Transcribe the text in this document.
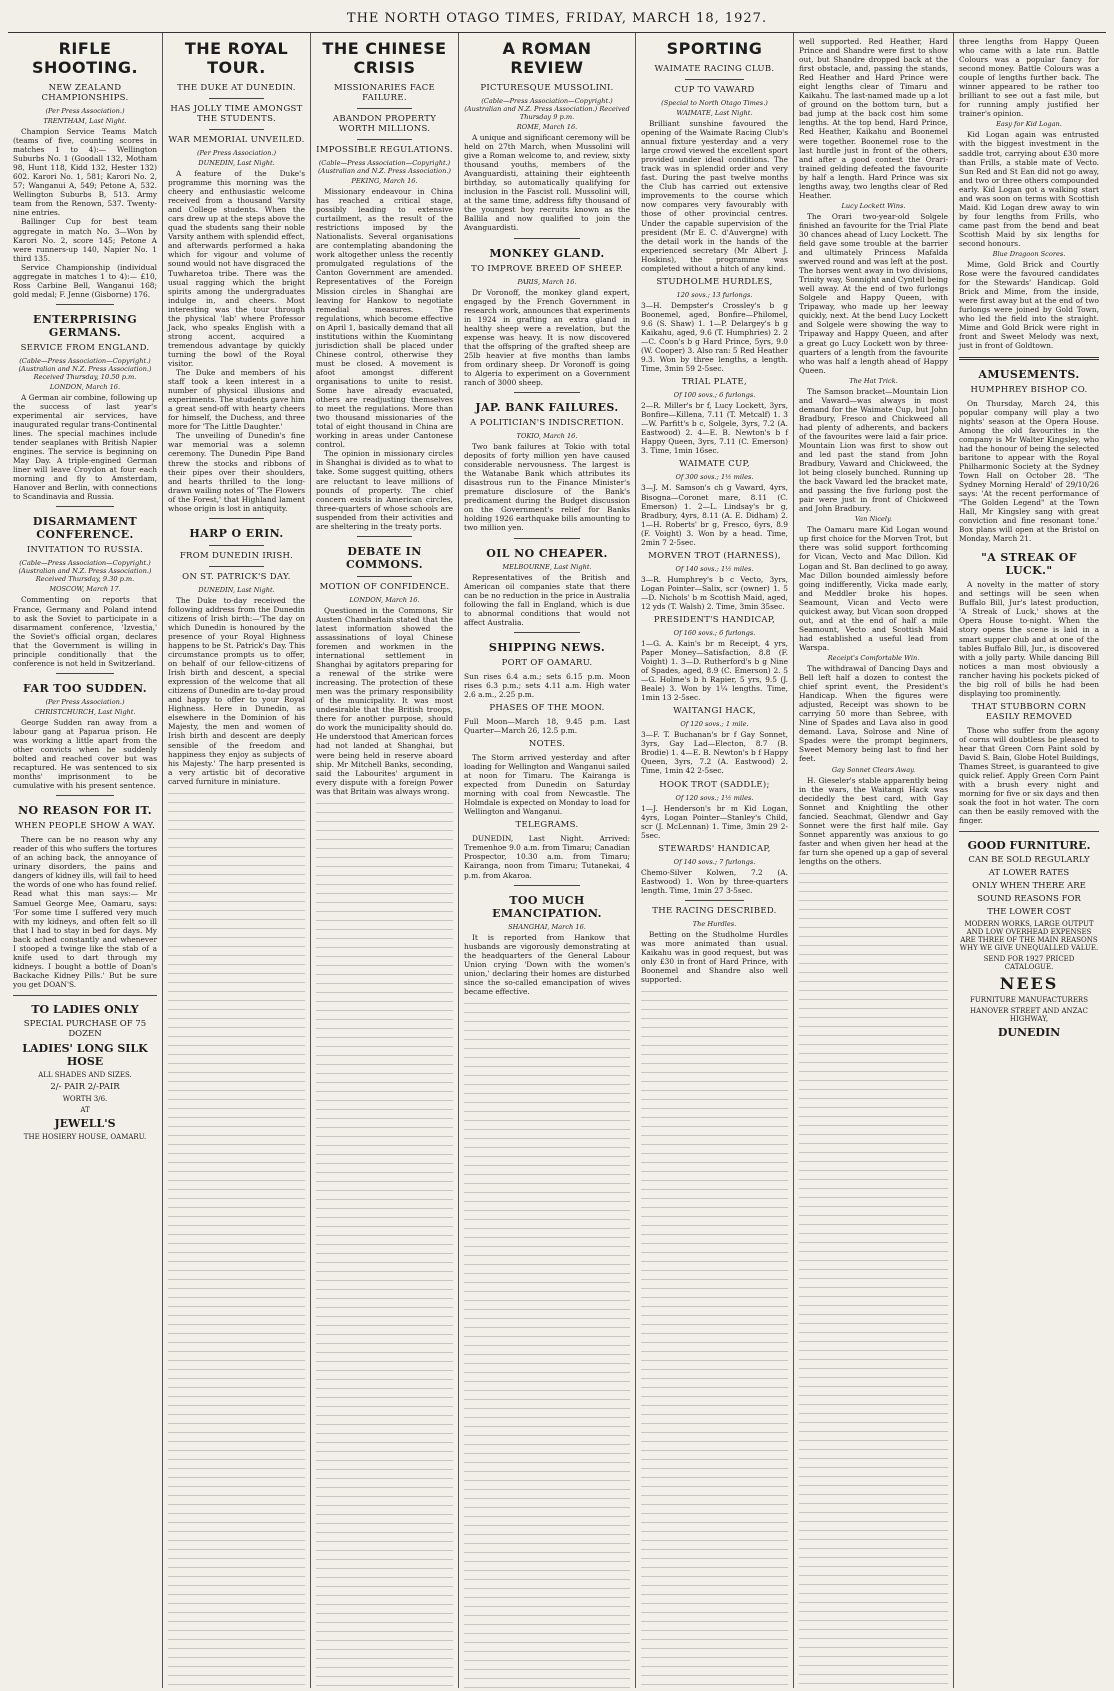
THE NORTH OTAGO TIMES, FRIDAY, MARCH 18, 1927.
RIFLE SHOOTING.
NEW ZEALAND CHAMPIONSHIPS.
(Per Press Association.)
TRENTHAM, Last Night.

Champion Service Teams Match (teams of five, counting scores in matches 1 to 4):— Wellington Suburbs No. 1 (Goodall 132, Motham 98, Hunt 118, Kidd 132, Hester 132) 602. Karori No. 1, 581; Karori No. 2, 57; Wanganui A, 549; Petone A, 532. Wellington Suburbs B, 513. Army team from the Renown, 537. Twenty-nine entries.

Ballinger Cup for best team aggregate in match No. 3—Won by Karori No. 2, score 145; Petone A were runners-up 140, Napier No. 1 third 135.

Service Championship (individual aggregate in matches 1 to 4):— £10, Ross Carbine Bell, Wanganui 168; gold medal; F. Jenne (Gisborne) 176.

ENTERPRISING GERMANS.
SERVICE FROM ENGLAND.
(Cable—Press Association—Copyright.) (Australian and N.Z. Press Association.) Received Thursday, 10.50 p.m.
LONDON, March 16.

A German air combine, following up the success of last year's experimental air services, have inaugurated regular trans-Continental lines. The special machines include tender seaplanes with British Napier engines. The service is beginning on May Day. A triple-engined German liner will leave Croydon at four each morning and fly to Amsterdam, Hanover and Berlin, with connections to Scandinavia and Russia.

DISARMAMENT CONFERENCE.
INVITATION TO RUSSIA.
(Cable—Press Association—Copyright.) (Australian and N.Z. Press Association.) Received Thursday, 9.30 p.m.
MOSCOW, March 17.

Commenting on reports that France, Germany and Poland intend to ask the Soviet to participate in a disarmament conference, 'Izvestia,' the Soviet's official organ, declares that the Government is willing in principle conditionally that the conference is not held in Switzerland.

FAR TOO SUDDEN.
(Per Press Association.)
CHRISTCHURCH, Last Night.

George Sudden ran away from a labour gang at Paparua prison. He was working a little apart from the other convicts when he suddenly bolted and reached cover but was recaptured. He was sentenced to six months' imprisonment to be cumulative with his present sentence.

NO REASON FOR IT.
WHEN PEOPLE SHOW A WAY.

There can be no reason why any reader of this who suffers the tortures of an aching back, the annoyance of urinary disorders, the pains and dangers of kidney ills, will fail to heed the words of one who has found relief. Read what this man says:— Mr Samuel George Mee, Oamaru, says: 'For some time I suffered very much with my kidneys, and often felt so ill that I had to stay in bed for days. My back ached constantly and whenever I stooped a twinge like the stab of a knife used to dart through my kidneys. I bought a bottle of Doan's Backache Kidney Pills.' But be sure you get DOAN'S.

TO LADIES ONLY

SPECIAL PURCHASE OF 75 DOZEN

LADIES' LONG SILK HOSE

ALL SHADES AND SIZES.

2/- PAIR 2/-PAIR

WORTH 3/6.

AT

JEWELL'S

THE HOSIERY HOUSE, OAMARU.

THE ROYAL TOUR.
THE DUKE AT DUNEDIN.
HAS JOLLY TIME AMONGST THE STUDENTS.
WAR MEMORIAL UNVEILED.
(Per Press Association.)
DUNEDIN, Last Night.

A feature of the Duke's programme this morning was the cheery and enthusiastic welcome received from a thousand 'Varsity and College students. When the cars drew up at the steps above the quad the students sang their noble Varsity anthem with splendid effect, and afterwards performed a haka which for vigour and volume of sound would not have disgraced the Tuwharetoa tribe. There was the usual ragging which the bright spirits among the undergraduates indulge in, and cheers. Most interesting was the tour through the physical 'lab' where Professor Jack, who speaks English with a strong accent, acquired a tremendous advantage by quickly turning the bowl of the Royal visitor.

The Duke and members of his staff took a keen interest in a number of physical illusions and experiments. The students gave him a great send-off with hearty cheers for himself, the Duchess, and three more for 'The Little Daughter.'

The unveiling of Dunedin's fine war memorial was a solemn ceremony. The Dunedin Pipe Band threw the stocks and ribbons of their pipes over their shoulders, and hearts thrilled to the long-drawn wailing notes of 'The Flowers of the Forest,' that Highland lament whose origin is lost in antiquity.

HARP O ERIN.
FROM DUNEDIN IRISH.
ON ST. PATRICK'S DAY.
DUNEDIN, Last Night.

The Duke to-day received the following address from the Dunedin citizens of Irish birth:—'The day on which Dunedin is honoured by the presence of your Royal Highness happens to be St. Patrick's Day. This circumstance prompts us to offer, on behalf of our fellow-citizens of Irish birth and descent, a special expression of the welcome that all citizens of Dunedin are to-day proud and happy to offer to your Royal Highness. Here in Dunedin, as elsewhere in the Dominion of his Majesty, the men and women of Irish birth and descent are deeply sensible of the freedom and happiness they enjoy as subjects of his Majesty.' The harp presented is a very artistic bit of decorative carved furniture in miniature.

THE CHINESE CRISIS
MISSIONARIES FACE FAILURE.
ABANDON PROPERTY WORTH MILLIONS.
IMPOSSIBLE REGULATIONS.
(Cable—Press Association—Copyright.) (Australian and N.Z. Press Association.)
PEKING, March 16.

Missionary endeavour in China has reached a critical stage, possibly leading to extensive curtailment, as the result of the restrictions imposed by the Nationalists. Several organisations are contemplating abandoning the work altogether unless the recently promulgated regulations of the Canton Government are amended. Representatives of the Foreign Mission circles in Shanghai are leaving for Hankow to negotiate remedial measures. The regulations, which become effective on April 1, basically demand that all institutions within the Kuomintang jurisdiction shall be placed under Chinese control, otherwise they must be closed. A movement is afoot amongst different organisations to unite to resist. Some have already evacuated, others are readjusting themselves to meet the regulations. More than two thousand missionaries of the total of eight thousand in China are working in areas under Cantonese control.

The opinion in missionary circles in Shanghai is divided as to what to take. Some suggest quitting, others are reluctant to leave millions of pounds of property. The chief concern exists in American circles, three-quarters of whose schools are suspended from their activities and are sheltering in the treaty ports.

DEBATE IN COMMONS.
MOTION OF CONFIDENCE.
LONDON, March 16.

Questioned in the Commons, Sir Austen Chamberlain stated that the latest information showed the assassinations of loyal Chinese foremen and workmen in the international settlement in Shanghai by agitators preparing for a renewal of the strike were increasing. The protection of these men was the primary responsibility of the municipality. It was most undesirable that the British troops, there for another purpose, should do work the municipality should do. He understood that American forces had not landed at Shanghai, but were being held in reserve aboard ship. Mr Mitchell Banks, seconding, said the Labourites' argument in every dispute with a foreign Power was that Britain was always wrong.

A ROMAN REVIEW
PICTURESQUE MUSSOLINI.
(Cable—Press Association—Copyright.) (Australian and N.Z. Press Association.) Received Thursday 9 p.m.
ROME, March 16.

A unique and significant ceremony will be held on 27th March, when Mussolini will give a Roman welcome to, and review, sixty thousand youths, members of the Avanguardisti, attaining their eighteenth birthday, so automatically qualifying for inclusion in the Fascist roll. Mussolini will, at the same time, address fifty thousand of the youngest boy recruits known as the Ballila and now qualified to join the Avanguardisti.

MONKEY GLAND.
TO IMPROVE BREED OF SHEEP.
PARIS, March 16.

Dr Voronoff, the monkey gland expert, engaged by the French Government in research work, announces that experiments in 1924 in grafting an extra gland in healthy sheep were a revelation, but the expense was heavy. It is now discovered that the offspring of the grafted sheep are 25lb heavier at five months than lambs from ordinary sheep. Dr Voronoff is going to Algeria to experiment on a Government ranch of 3000 sheep.

JAP. BANK FAILURES.
A POLITICIAN'S INDISCRETION.
TOKIO, March 16.

Two bank failures at Tokio with total deposits of forty million yen have caused considerable nervousness. The largest is the Watanabe Bank which attributes its disastrous run to the Finance Minister's premature disclosure of the Bank's predicament during the Budget discussion on the Government's relief for Banks holding 1926 earthquake bills amounting to two million yen.

OIL NO CHEAPER.
MELBOURNE, Last Night.

Representatives of the British and American oil companies state that there can be no reduction in the price in Australia following the fall in England, which is due to abnormal conditions that would not affect Australia.

SHIPPING NEWS.
PORT OF OAMARU.

Sun rises 6.4 a.m.; sets 6.15 p.m. Moon rises 6.3 p.m.; sets 4.11 a.m. High water 2.6 a.m., 2.25 p.m.

PHASES OF THE MOON.

Full Moon—March 18, 9.45 p.m. Last Quarter—March 26, 12.5 p.m.

NOTES.

The Storm arrived yesterday and after loading for Wellington and Wanganui sailed at noon for Timaru. The Kairanga is expected from Dunedin on Saturday morning with coal from Newcastle. The Holmdale is expected on Monday to load for Wellington and Wanganui.

TELEGRAMS.

DUNEDIN, Last Night. Arrived: Tremenhoe 9.0 a.m. from Timaru; Canadian Prospector, 10.30 a.m. from Timaru; Kairanga, noon from Timaru; Tutanekai, 4 p.m. from Akaroa.

TOO MUCH EMANCIPATION.
SHANGHAI, March 16.

It is reported from Hankow that husbands are vigorously demonstrating at the headquarters of the General Labour Union crying 'Down with the women's union,' declaring their homes are disturbed since the so-called emancipation of wives became effective.

SPORTING
WAIMATE RACING CLUB.
CUP TO VAWARD
(Special to North Otago Times.)
WAIMATE, Last Night.

Brilliant sunshine favoured the opening of the Waimate Racing Club's annual fixture yesterday and a very large crowd viewed the excellent sport provided under ideal conditions. The track was in splendid order and very fast. During the past twelve months the Club has carried out extensive improvements to the course which now compares very favourably with those of other provincial centres. Under the capable supervision of the president (Mr E. C. d'Auvergne) with the detail work in the hands of the experienced secretary (Mr Albert J. Hoskins), the programme was completed without a hitch of any kind.

STUDHOLME HURDLES,
120 sovs.; 13 furlongs.

3—H. Dempster's Crossley's b g Boonemel, aged, Bonfire—Philomel, 9.6 (S. Shaw) 1. 1—P. Delargey's b g Kaikahu, aged, 9.6 (T. Humphries) 2. 2—C. Coon's b g Hard Prince, 5yrs, 9.0 (W. Cooper) 3. Also ran: 5 Red Heather 9.3. Won by three lengths, a length. Time, 3min 59 2-5sec.

TRIAL PLATE,
Of 100 sovs.; 6 furlongs.

2—R. Miller's br f, Lucy Lockett, 3yrs, Bonfire—Killena, 7.11 (T. Metcalf) 1. 3—W. Parfitt's b c, Solgele, 3yrs, 7.2 (A. Eastwood) 2. 4—E. B. Newton's b f Happy Queen, 3yrs, 7.11 (C. Emerson) 3. Time, 1min 16sec.

WAIMATE CUP,
Of 300 sovs.; 1½ miles.

3—J. M. Samson's ch g Vaward, 4yrs, Bisogna—Coronet mare, 8.11 (C. Emerson) 1. 2—L. Lindsay's br g, Bradbury, 4yrs, 8.11 (A. E. Didham) 2. 1—H. Roberts' br g, Fresco, 6yrs, 8.9 (F. Voight) 3. Won by a head. Time, 2min 7 2-5sec.

MORVEN TROT (HARNESS),
Of 140 sovs.; 1½ miles.

3—R. Humphrey's b c Vecto, 3yrs, Logan Pointer—Salix, scr (owner) 1. 5—D. Nichols' b m Scottish Maid, aged, 12 yds (T. Walsh) 2. Time, 3min 35sec.

PRESIDENT'S HANDICAP,
Of 160 sovs.; 6 furlongs.

1—G. A. Kain's br m Receipt, 4 yrs, Paper Money—Satisfaction, 8.8 (F. Voight) 1. 3—D. Rutherford's b g Nine of Spades, aged, 8.9 (C. Emerson) 2. 5—G. Holme's b h Rapier, 5 yrs, 9.5 (J. Beale) 3. Won by 1¼ lengths. Time, 1min 13 2-5sec.

WAITANGI HACK,
Of 120 sovs.; 1 mile.

3—F. T. Buchanan's br f Gay Sonnet, 3yrs, Gay Lad—Electon, 8.7 (B. Brodie) 1. 4—E. B. Newton's b f Happy Queen, 3yrs, 7.2 (A. Eastwood) 2. Time, 1min 42 2-5sec.

HOOK TROT (SADDLE);
Of 120 sovs.; 1½ miles.

1—J. Henderson's br m Kid Logan, 4yrs, Logan Pointer—Stanley's Child, scr (J. McLennan) 1. Time, 3min 29 2-5sec.

STEWARDS' HANDICAP,
Of 140 sovs.; 7 furlongs.

Chemo-Silver Kolwen, 7.2 (A. Eastwood) 1. Won by three-quarters length. Time, 1min 27 3-5sec.

THE RACING DESCRIBED.
The Hurdles.

Betting on the Studholme Hurdles was more animated than usual. Kaikahu was in good request, but was only £30 in front of Hard Prince, with Boonemel and Shandre also well supported.

well supported. Red Heather, Hard Prince and Shandre were first to show out, but Shandre dropped back at the first obstacle, and, passing the stands, Red Heather and Hard Prince were eight lengths clear of Timaru and Kaikahu. The last-named made up a lot of ground on the bottom turn, but a bad jump at the back cost him some lengths. At the top bend, Hard Prince, Red Heather, Kaikahu and Boonemel were together. Boonemel rose to the last hurdle just in front of the others, and after a good contest the Orari-trained gelding defeated the favourite by half a length. Hard Prince was six lengths away, two lengths clear of Red Heather.

Lucy Lockett Wins.

The Orari two-year-old Solgele finished an favourite for the Trial Plate 30 chances ahead of Lucy Lockett. The field gave some trouble at the barrier and ultimately Princess Mafalda swerved round and was left at the post. The horses went away in two divisions, Trinity way, Sonnight and Cyntell being well away. At the end of two furlongs Solgele and Happy Queen, with Tripaway, who made up her leeway quickly, next. At the bend Lucy Lockett and Solgele were showing the way to Tripaway and Happy Queen, and after a great go Lucy Lockett won by three-quarters of a length from the favourite who was half a length ahead of Happy Queen.

The Hat Trick.

The Samson bracket—Mountain Lion and Vaward—was always in most demand for the Waimate Cup, but John Bradbury, Fresco and Chickweed all had plenty of adherents, and backers of the favourites were laid a fair price. Mountain Lion was first to show out and led past the stand from John Bradbury, Vaward and Chickweed, the lot being closely bunched. Running up the back Vaward led the bracket mate, and passing the five furlong post the pair were just in front of Chickweed and John Bradbury.

Van Nicely.

The Oamaru mare Kid Logan wound up first choice for the Morven Trot, but there was solid support forthcoming for Vican, Vecto and Mac Dillon. Kid Logan and St. Ban declined to go away, Mac Dillon bounded aimlessly before going indifferently, Vicka made early, and Meddler broke his hopes. Seamount, Vican and Vecto were quickest away, but Vican soon dropped out, and at the end of half a mile Seamount, Vecto and Scottish Maid had established a useful lead from Warspa.

Receipt's Comfortable Win.

The withdrawal of Dancing Days and Bell left half a dozen to contest the chief sprint event, the President's Handicap. When the figures were adjusted, Receipt was shown to be carrying 50 more than Sebree, with Nine of Spades and Lava also in good demand. Lava, Solrose and Nine of Spades were the prompt beginners, Sweet Memory being last to find her feet.

Gay Sonnet Clears Away.

H. Gieseler's stable apparently being in the wars, the Waitangi Hack was decidedly the best card, with Gay Sonnet and Knightling the other fancied. Seachmat, Glendwr and Gay Sonnet were the first half mile. Gay Sonnet apparently was anxious to go faster and when given her head at the far turn she opened up a gap of several lengths on the others.

three lengths from Happy Queen who came with a late run. Battle Colours was a popular fancy for second money. Battle Colours was a couple of lengths further back. The winner appeared to be rather too brilliant to see out a fast mile, but for running amply justified her trainer's opinion.

Easy for Kid Logan.

Kid Logan again was entrusted with the biggest investment in the saddle trot, carrying about £30 more than Frills, a stable mate of Vecto. Sun Red and St Ean did not go away, and two or three others compounded early. Kid Logan got a walking start and was soon on terms with Scottish Maid. Kid Logan drew away to win by four lengths from Frills, who came past from the bend and beat Scottish Maid by six lengths for second honours.

Blue Dragoon Scores.

Mime, Gold Brick and Courtly Rose were the favoured candidates for the Stewards' Handicap. Gold Brick and Mime, from the inside, were first away but at the end of two furlongs were joined by Gold Town, who led the field into the straight. Mime and Gold Brick were right in front and Sweet Melody was next, just in front of Goldtown.

AMUSEMENTS.
HUMPHREY BISHOP CO.

On Thursday, March 24, this popular company will play a two nights' season at the Opera House. Among the old favourites in the company is Mr Walter Kingsley, who had the honour of being the selected baritone to appear with the Royal Philharmonic Society at the Sydney Town Hall on October 28. 'The Sydney Morning Herald' of 29/10/26 says: 'At the recent performance of "The Golden Legend" at the Town Hall, Mr Kingsley sang with great conviction and fine resonant tone.' Box plans will open at the Bristol on Monday, March 21.

"A STREAK OF LUCK."

A novelty in the matter of story and settings will be seen when Buffalo Bill, Jur's latest production, 'A Streak of Luck,' shows at the Opera House to-night. When the story opens the scene is laid in a smart supper club and at one of the tables Buffalo Bill, Jur., is discovered with a jolly party. While dancing Bill notices a man most obviously a rancher having his pockets picked of the big roll of bills he had been displaying too prominently.

THAT STUBBORN CORN EASILY REMOVED

Those who suffer from the agony of corns will doubtless be pleased to hear that Green Corn Paint sold by David S. Bain, Globe Hotel Buildings, Thames Street, is guaranteed to give quick relief. Apply Green Corn Paint with a brush every night and morning for five or six days and then soak the foot in hot water. The corn can then be easily removed with the finger.

GOOD FURNITURE.

CAN BE SOLD REGULARLY

AT LOWER RATES

ONLY WHEN THERE ARE

SOUND REASONS FOR

THE LOWER COST

MODERN WORKS, LARGE OUTPUT AND LOW OVERHEAD EXPENSES ARE THREE OF THE MAIN REASONS WHY WE GIVE UNEQUALLED VALUE.

SEND FOR 1927 PRICED CATALOGUE.

NEES

FURNITURE MANUFACTURERS

HANOVER STREET AND ANZAC HIGHWAY,

DUNEDIN
